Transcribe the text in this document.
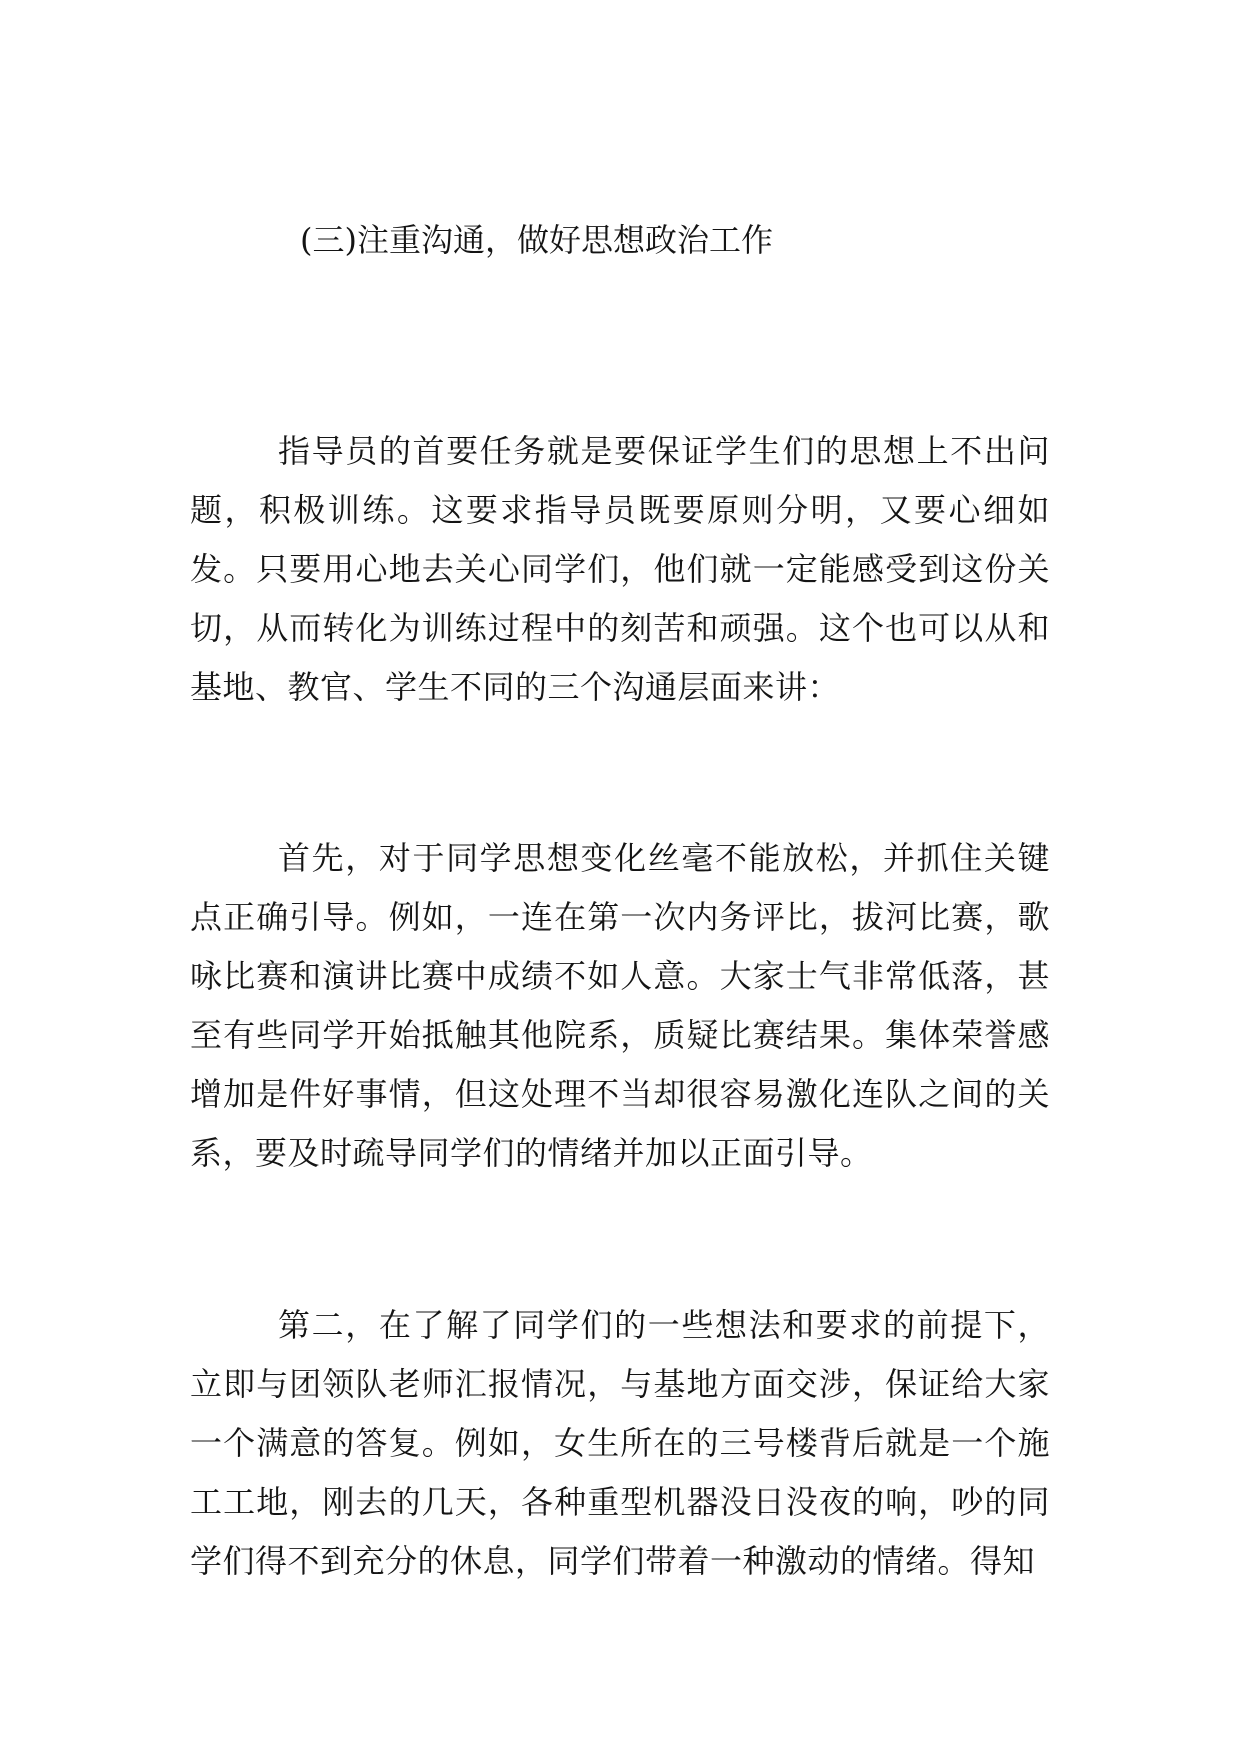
(三)注重沟通，做好思想政治工作

指导员的首要任务就是要保证学生们的思想上不出问题，积极训练。这要求指导员既要原则分明，又要心细如发。只要用心地去关心同学们，他们就一定能感受到这份关切，从而转化为训练过程中的刻苦和顽强。这个也可以从和基地、教官、学生不同的三个沟通层面来讲：

首先，对于同学思想变化丝毫不能放松，并抓住关键点正确引导。例如，一连在第一次内务评比，拔河比赛，歌咏比赛和演讲比赛中成绩不如人意。大家士气非常低落，甚至有些同学开始抵触其他院系，质疑比赛结果。集体荣誉感增加是件好事情，但这处理不当却很容易激化连队之间的关系，要及时疏导同学们的情绪并加以正面引导。

第二，在了解了同学们的一些想法和要求的前提下，立即与团领队老师汇报情况，与基地方面交涉，保证给大家一个满意的答复。例如，女生所在的三号楼背后就是一个施工工地，刚去的几天，各种重型机器没日没夜的响，吵的同学们得不到充分的休息，同学们带着一种激动的情绪。得知
